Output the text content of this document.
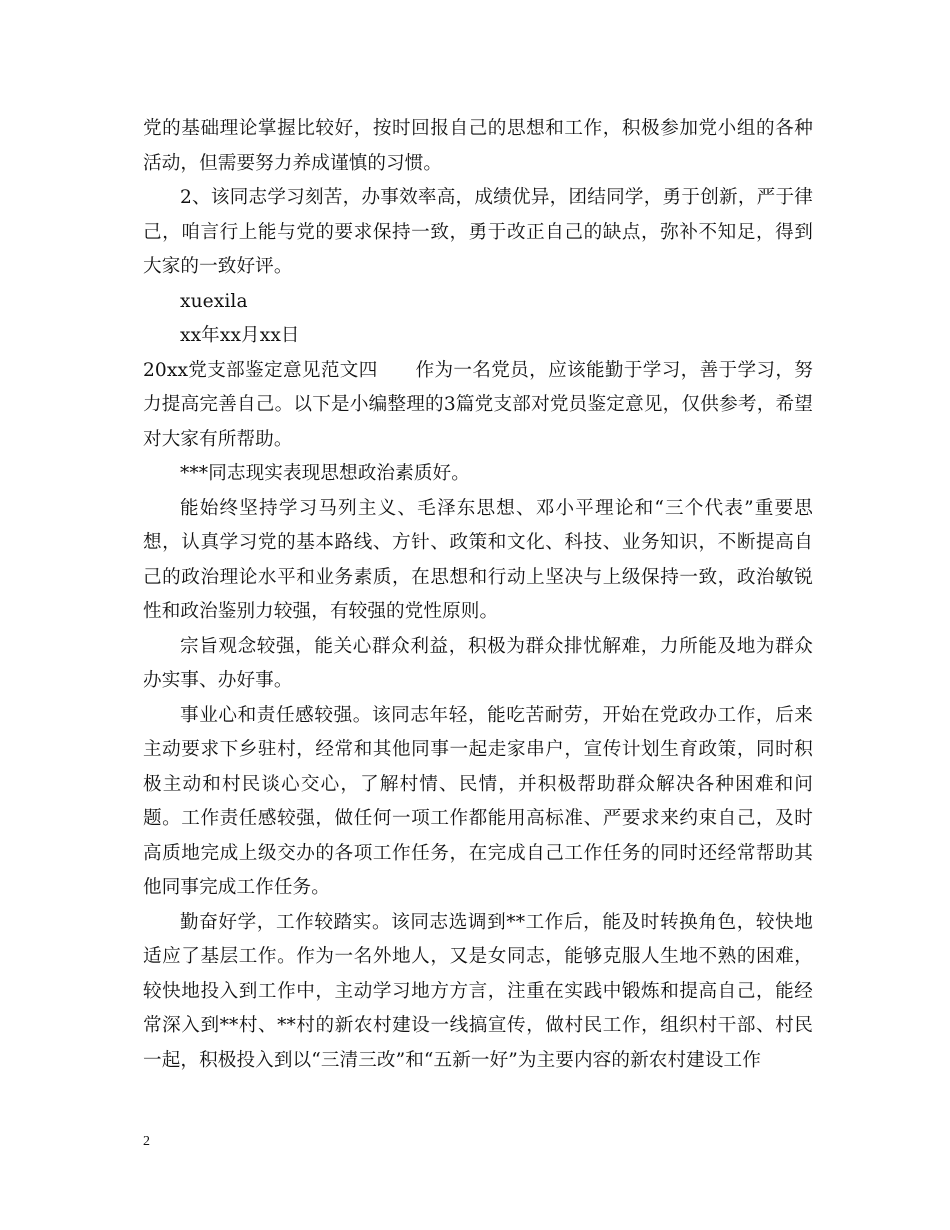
党的基础理论掌握比较好，按时回报自己的思想和工作，积极参加党小组的各种活动，但需要努力养成谨慎的习惯。

2、该同志学习刻苦，办事效率高，成绩优异，团结同学，勇于创新，严于律己，咱言行上能与党的要求保持一致，勇于改正自己的缺点，弥补不知足，得到大家的一致好评。

xuexila

xx年xx月xx日

20xx党支部鉴定意见范文四　　作为一名党员，应该能勤于学习，善于学习，努力提高完善自己。以下是小编整理的3篇党支部对党员鉴定意见，仅供参考，希望对大家有所帮助。

***同志现实表现思想政治素质好。

能始终坚持学习马列主义、毛泽东思想、邓小平理论和“三个代表”重要思想，认真学习党的基本路线、方针、政策和文化、科技、业务知识，不断提高自己的政治理论水平和业务素质，在思想和行动上坚决与上级保持一致，政治敏锐性和政治鉴别力较强，有较强的党性原则。

宗旨观念较强，能关心群众利益，积极为群众排忧解难，力所能及地为群众办实事、办好事。

事业心和责任感较强。该同志年轻，能吃苦耐劳，开始在党政办工作，后来主动要求下乡驻村，经常和其他同事一起走家串户，宣传计划生育政策，同时积极主动和村民谈心交心，了解村情、民情，并积极帮助群众解决各种困难和问题。工作责任感较强，做任何一项工作都能用高标准、严要求来约束自己，及时高质地完成上级交办的各项工作任务，在完成自己工作任务的同时还经常帮助其他同事完成工作任务。

勤奋好学，工作较踏实。该同志选调到**工作后，能及时转换角色，较快地适应了基层工作。作为一名外地人，又是女同志，能够克服人生地不熟的困难，较快地投入到工作中，主动学习地方方言，注重在实践中锻炼和提高自己，能经常深入到**村、**村的新农村建设一线搞宣传，做村民工作，组织村干部、村民一起，积极投入到以“三清三改”和“五新一好”为主要内容的新农村建设工作

2
